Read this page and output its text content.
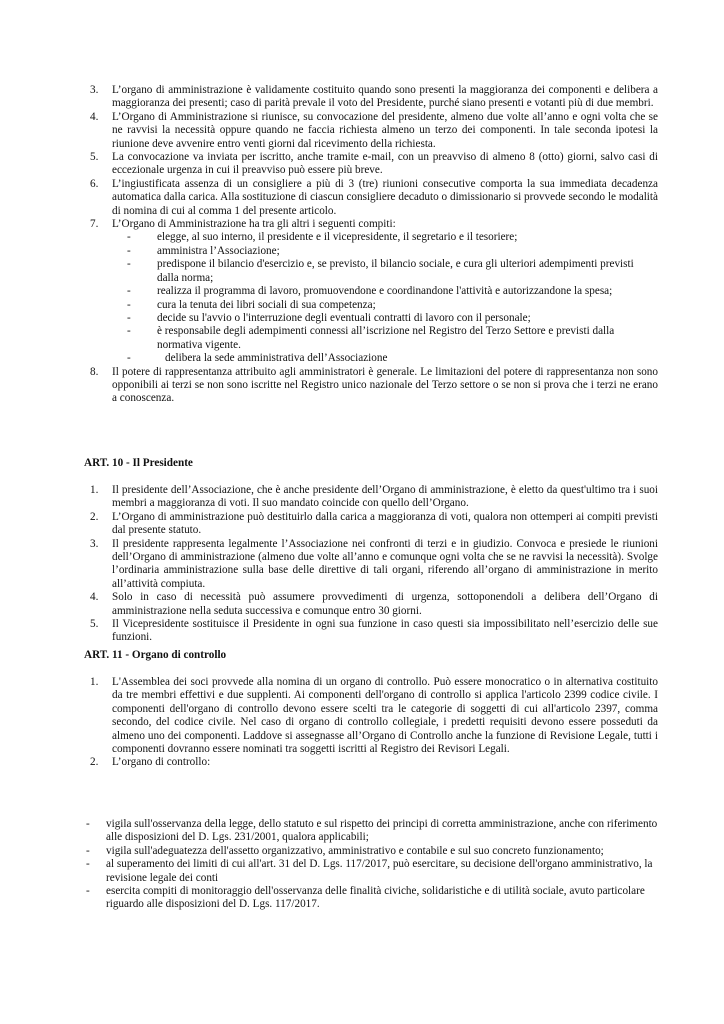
3. L’organo di amministrazione è validamente costituito quando sono presenti la maggioranza dei componenti e delibera a maggioranza dei presenti; caso di parità prevale il voto del Presidente, purché siano presenti e votanti più di due membri.
4. L’Organo di Amministrazione si riunisce, su convocazione del presidente, almeno due volte all’anno e ogni volta che se ne ravvisi la necessità oppure quando ne faccia richiesta almeno un terzo dei componenti. In tale seconda ipotesi la riunione deve avvenire entro venti giorni dal ricevimento della richiesta.
5. La convocazione va inviata per iscritto, anche tramite e-mail, con un preavviso di almeno 8 (otto) giorni, salvo casi di eccezionale urgenza in cui il preavviso può essere più breve.
6. L’ingiustificata assenza di un consigliere a più di 3 (tre) riunioni consecutive comporta la sua immediata decadenza automatica dalla carica. Alla sostituzione di ciascun consigliere decaduto o dimissionario si provvede secondo le modalità di nomina di cui al comma 1 del presente articolo.
7. L’Organo di Amministrazione ha tra gli altri i seguenti compiti:
- elegge, al suo interno, il presidente e il vicepresidente, il segretario e il tesoriere;
- amministra l’Associazione;
- predispone il bilancio d'esercizio e, se previsto, il bilancio sociale, e cura gli ulteriori adempimenti previsti dalla norma;
- realizza il programma di lavoro, promuovendone e coordinandone l'attività e autorizzandone la spesa;
- cura la tenuta dei libri sociali di sua competenza;
- decide su l'avvio o l'interruzione degli eventuali contratti di lavoro con il personale;
- è responsabile degli adempimenti connessi all’iscrizione nel Registro del Terzo Settore e previsti dalla normativa vigente.
-	delibera la sede amministrativa dell’Associazione
8. Il potere di rappresentanza attribuito agli amministratori è generale. Le limitazioni del potere di rappresentanza non sono opponibili ai terzi se non sono iscritte nel Registro unico nazionale del Terzo settore o se non si prova che i terzi ne erano a conoscenza.
ART. 10 - Il Presidente
1. Il presidente dell’Associazione, che è anche presidente dell’Organo di amministrazione, è eletto da quest'ultimo tra i suoi membri a maggioranza di voti. Il suo mandato coincide con quello dell’Organo.
2. L’Organo di amministrazione può destituirlo dalla carica a maggioranza di voti, qualora non ottemperi ai compiti previsti dal presente statuto.
3. Il presidente rappresenta legalmente l’Associazione nei confronti di terzi e in giudizio. Convoca e presiede le riunioni dell’Organo di amministrazione (almeno due volte all’anno e comunque ogni volta che se ne ravvisi la necessità). Svolge l’ordinaria amministrazione sulla base delle direttive di tali organi, riferendo all’organo di amministrazione in merito all’attività compiuta.
4. Solo in caso di necessità può assumere provvedimenti di urgenza, sottoponendoli a delibera dell’Organo di amministrazione nella seduta successiva e comunque entro 30 giorni.
5. Il Vicepresidente sostituisce il Presidente in ogni sua funzione in caso questi sia impossibilitato nell’esercizio delle sue funzioni.
ART. 11 - Organo di controllo
1. L'Assemblea dei soci provvede alla nomina di un organo di controllo. Può essere monocratico o in alternativa costituito da tre membri effettivi e due supplenti. Ai componenti dell'organo di controllo si applica l'articolo 2399 codice civile. I componenti dell'organo di controllo devono essere scelti tra le categorie di soggetti di cui all'articolo 2397, comma secondo, del codice civile. Nel caso di organo di controllo collegiale, i predetti requisiti devono essere posseduti da almeno uno dei componenti. Laddove si assegnasse all’Organo di Controllo anche la funzione di Revisione Legale, tutti i componenti dovranno essere nominati tra soggetti iscritti al Registro dei Revisori Legali.
2. L’organo di controllo:
- vigila sull'osservanza della legge, dello statuto e sul rispetto dei principi di corretta amministrazione, anche con riferimento alle disposizioni del D. Lgs. 231/2001, qualora applicabili;
- vigila sull'adeguatezza dell'assetto organizzativo, amministrativo e contabile e sul suo concreto funzionamento;
- al superamento dei limiti di cui all'art. 31 del D. Lgs. 117/2017, può esercitare, su decisione dell'organo amministrativo, la revisione legale dei conti
- esercita compiti di monitoraggio dell'osservanza delle finalità civiche, solidaristiche e di utilità sociale, avuto particolare riguardo alle disposizioni del D. Lgs. 117/2017.
